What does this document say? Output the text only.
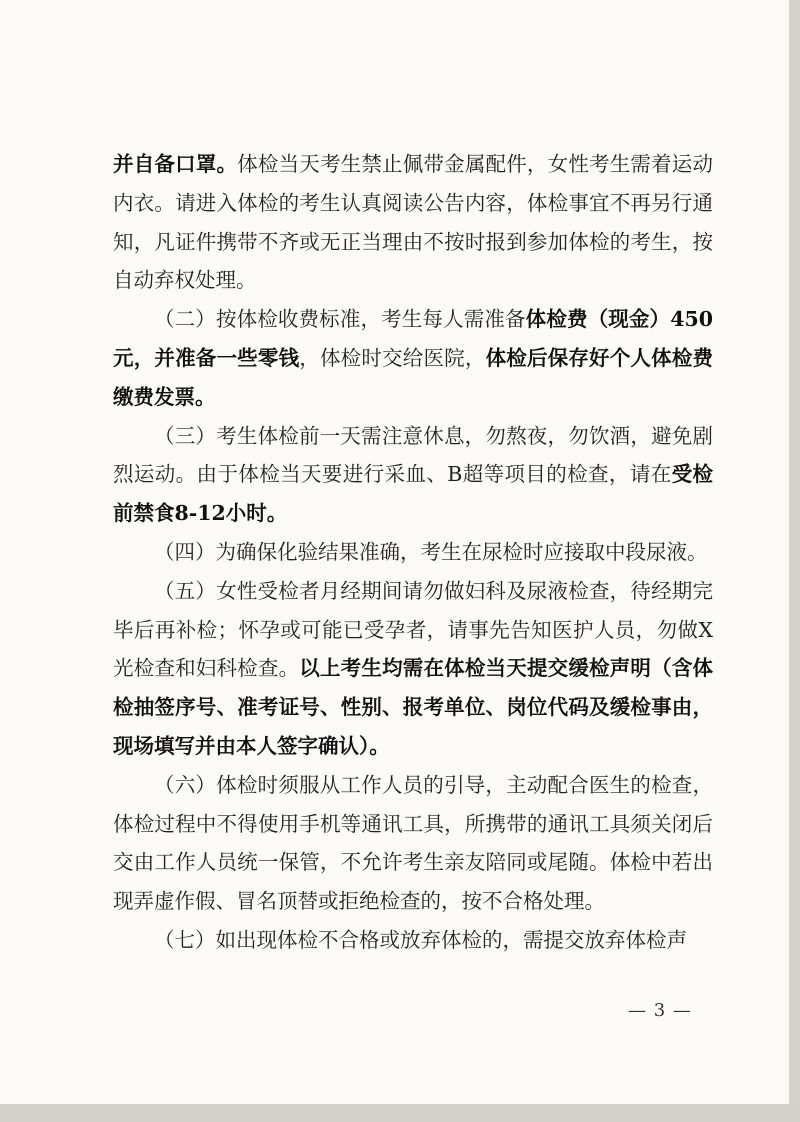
并自备口罩。体检当天考生禁止佩带金属配件，女性考生需着运动内衣。请进入体检的考生认真阅读公告内容，体检事宜不再另行通知，凡证件携带不齐或无正当理由不按时报到参加体检的考生，按自动弃权处理。

（二）按体检收费标准，考生每人需准备体检费（现金）450元，并准备一些零钱，体检时交给医院，体检后保存好个人体检费缴费发票。

（三）考生体检前一天需注意休息，勿熬夜，勿饮酒，避免剧烈运动。由于体检当天要进行采血、B超等项目的检查，请在受检前禁食8-12小时。

（四）为确保化验结果准确，考生在尿检时应接取中段尿液。

（五）女性受检者月经期间请勿做妇科及尿液检查，待经期完毕后再补检；怀孕或可能已受孕者，请事先告知医护人员，勿做X光检查和妇科检查。以上考生均需在体检当天提交缓检声明（含体检抽签序号、准考证号、性别、报考单位、岗位代码及缓检事由，现场填写并由本人签字确认）。

（六）体检时须服从工作人员的引导，主动配合医生的检查，体检过程中不得使用手机等通讯工具，所携带的通讯工具须关闭后交由工作人员统一保管，不允许考生亲友陪同或尾随。体检中若出现弄虚作假、冒名顶替或拒绝检查的，按不合格处理。

（七）如出现体检不合格或放弃体检的，需提交放弃体检声

— 3 —
